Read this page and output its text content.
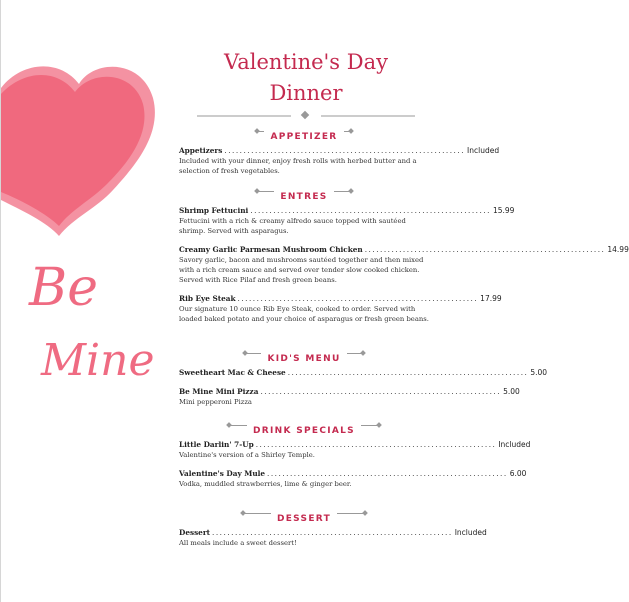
Be
Mine
Valentine's Day
Dinner
APPETIZER
Appetizers ............................................................... Included
Included with your dinner, enjoy fresh rolls with herbed butter and a selection of fresh vegetables.
ENTRES
Shrimp Fettucini ............................................................... 15.99
Fettucini with a rich & creamy alfredo sauce topped with sautéed shrimp. Served with asparagus.
Creamy Garlic Parmesan Mushroom Chicken ............................................................... 14.99
Savory garlic, bacon and mushrooms sautéed together and then mixed with a rich cream sauce and served over tender slow cooked chicken. Served with Rice Pilaf and fresh green beans.
Rib Eye Steak ............................................................... 17.99
Our signature 10 ounce Rib Eye Steak, cooked to order. Served with loaded baked potato and your choice of asparagus or fresh green beans.
KID'S MENU
Sweetheart Mac & Cheese ............................................................... 5.00
Be Mine Mini Pizza ............................................................... 5.00
Mini pepperoni Pizza
DRINK SPECIALS
Little Darlin' 7-Up ............................................................... Included
Valentine's version of a Shirley Temple.
Valentine's Day Mule ............................................................... 6.00
Vodka, muddled strawberries, lime & ginger beer.
DESSERT
Dessert ............................................................... Included
All meals include a sweet dessert!
